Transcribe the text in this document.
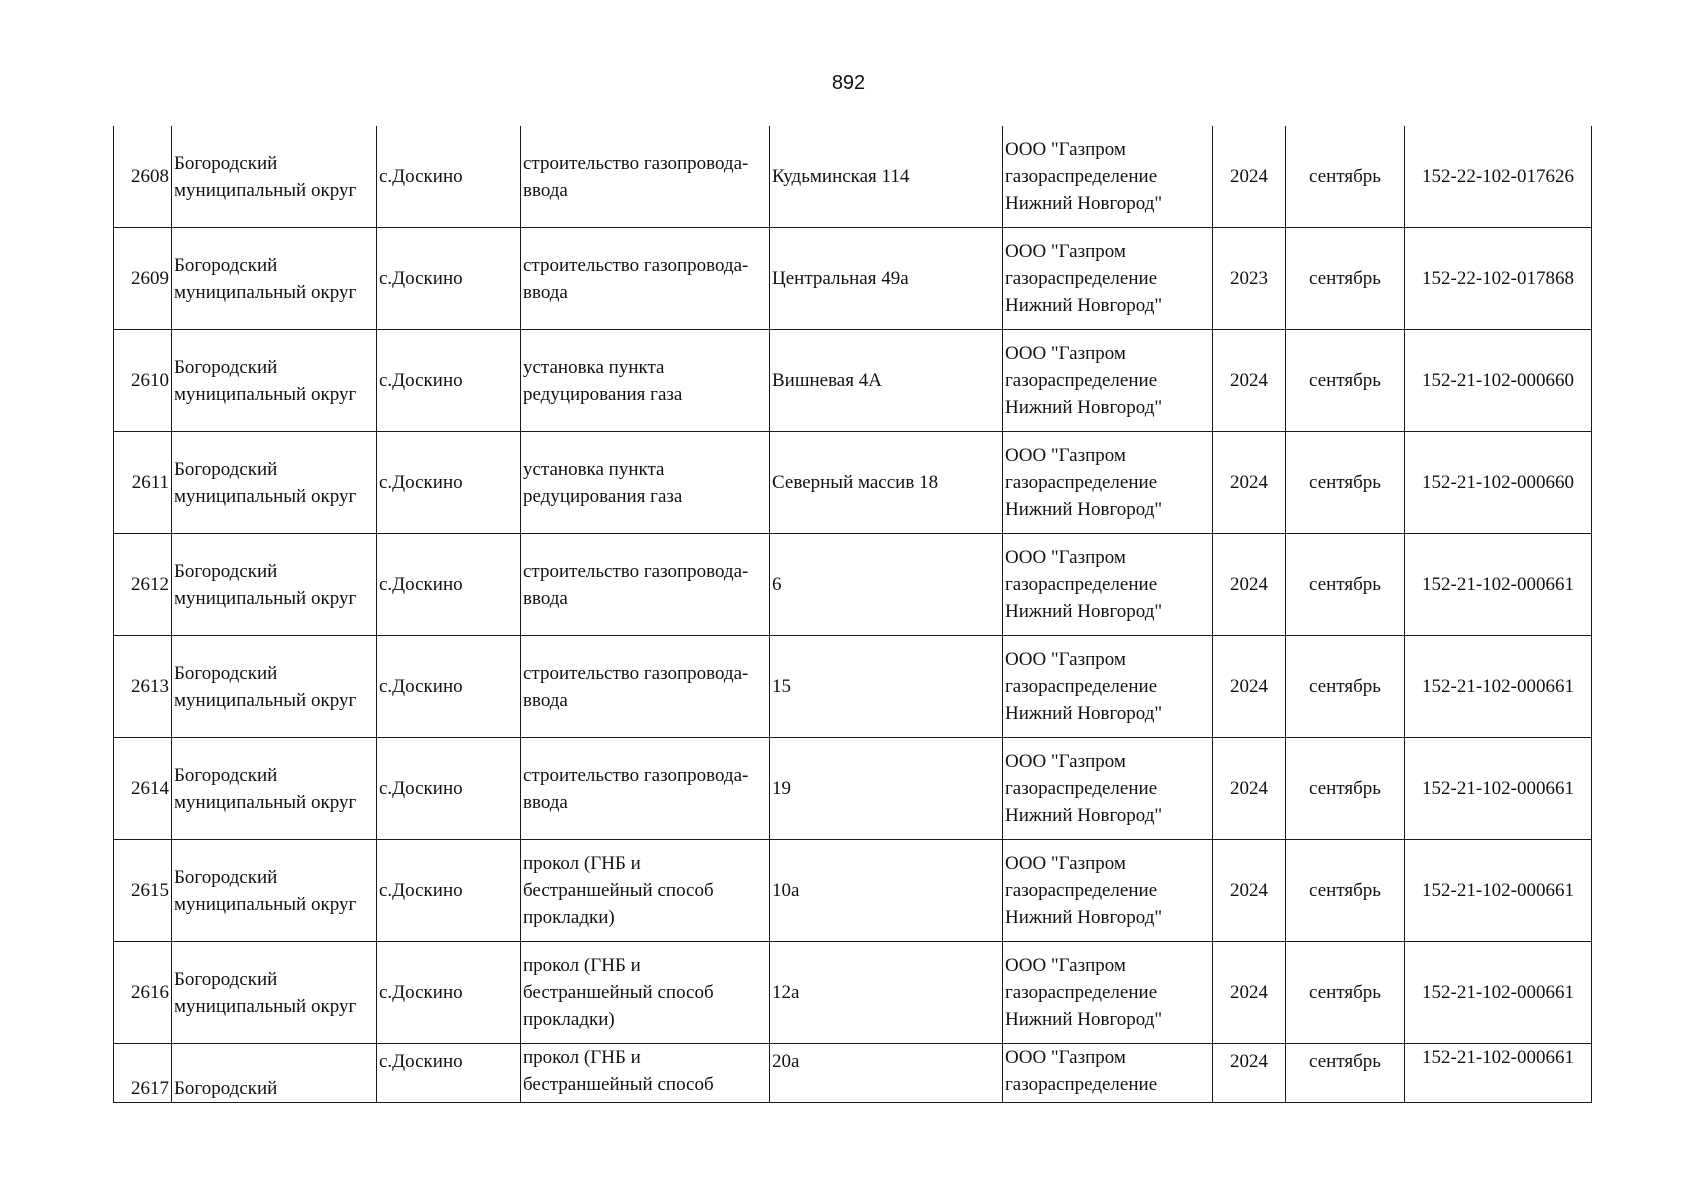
892
2608	Богородский
муниципальный округ	с.Доскино	строительство газопровода-
ввода	Кудьминская 114	ООО "Газпром
газораспределение
Нижний Новгород"	2024	сентябрь	152-22-102-017626
2609	Богородский
муниципальный округ	с.Доскино	строительство газопровода-
ввода	Центральная 49а	ООО "Газпром
газораспределение
Нижний Новгород"	2023	сентябрь	152-22-102-017868
2610	Богородский
муниципальный округ	с.Доскино	установка пункта
редуцирования газа	Вишневая 4А	ООО "Газпром
газораспределение
Нижний Новгород"	2024	сентябрь	152-21-102-000660
2611	Богородский
муниципальный округ	с.Доскино	установка пункта
редуцирования газа	Северный массив 18	ООО "Газпром
газораспределение
Нижний Новгород"	2024	сентябрь	152-21-102-000660
2612	Богородский
муниципальный округ	с.Доскино	строительство газопровода-
ввода	6	ООО "Газпром
газораспределение
Нижний Новгород"	2024	сентябрь	152-21-102-000661
2613	Богородский
муниципальный округ	с.Доскино	строительство газопровода-
ввода	15	ООО "Газпром
газораспределение
Нижний Новгород"	2024	сентябрь	152-21-102-000661
2614	Богородский
муниципальный округ	с.Доскино	строительство газопровода-
ввода	19	ООО "Газпром
газораспределение
Нижний Новгород"	2024	сентябрь	152-21-102-000661
2615	Богородский
муниципальный округ	с.Доскино	прокол (ГНБ и
бестраншейный способ
прокладки)	10а	ООО "Газпром
газораспределение
Нижний Новгород"	2024	сентябрь	152-21-102-000661
2616	Богородский
муниципальный округ	с.Доскино	прокол (ГНБ и
бестраншейный способ
прокладки)	12а	ООО "Газпром
газораспределение
Нижний Новгород"	2024	сентябрь	152-21-102-000661
2617	Богородский	с.Доскино	прокол (ГНБ и
бестраншейный способ	20а	ООО "Газпром
газораспределение	2024	сентябрь	152-21-102-000661
